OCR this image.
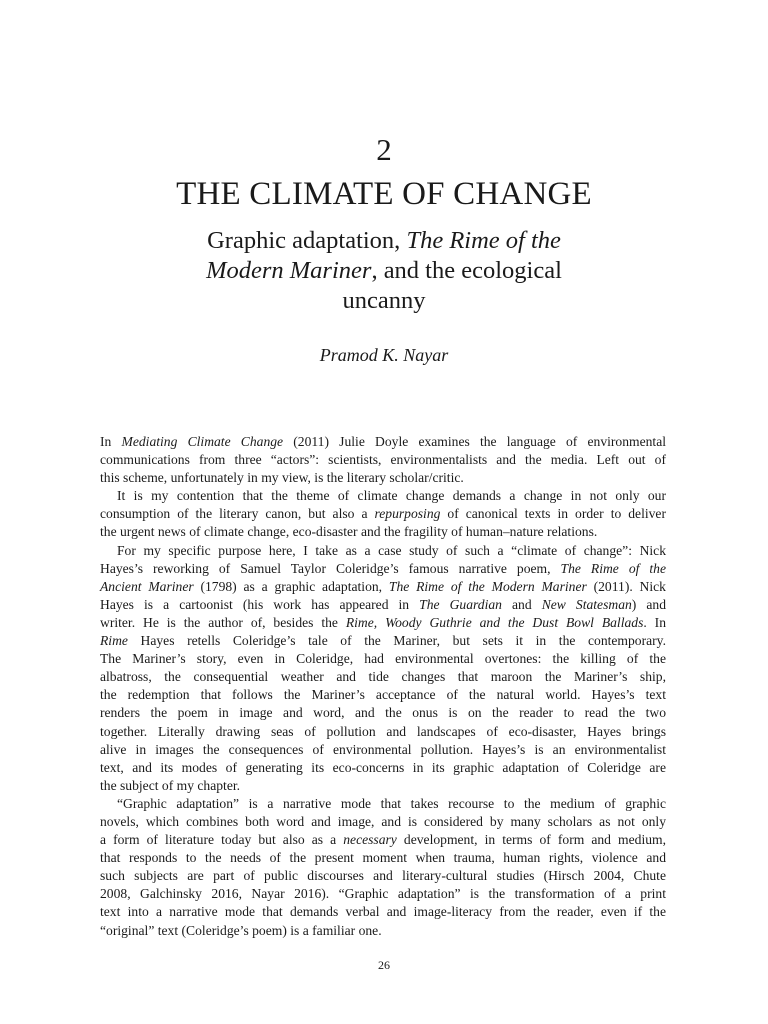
2
THE CLIMATE OF CHANGE
Graphic adaptation, The Rime of the
Modern Mariner, and the ecological
uncanny
Pramod K. Nayar

In Mediating Climate Change (2011) Julie Doyle examines the language of environmental
communications from three “actors”: scientists, environmentalists and the media. Left out of
this scheme, unfortunately in my view, is the literary scholar/critic.

It is my contention that the theme of climate change demands a change in not only our
consumption of the literary canon, but also a repurposing of canonical texts in order to deliver
the urgent news of climate change, eco-disaster and the fragility of human–nature relations.

For my specific purpose here, I take as a case study of such a “climate of change”: Nick
Hayes’s reworking of Samuel Taylor Coleridge’s famous narrative poem, The Rime of the
Ancient Mariner (1798) as a graphic adaptation, The Rime of the Modern Mariner (2011). Nick
Hayes is a cartoonist (his work has appeared in The Guardian and New Statesman) and
writer. He is the author of, besides the Rime, Woody Guthrie and the Dust Bowl Ballads. In
Rime Hayes retells Coleridge’s tale of the Mariner, but sets it in the contemporary.
The Mariner’s story, even in Coleridge, had environmental overtones: the killing of the
albatross, the consequential weather and tide changes that maroon the Mariner’s ship,
the redemption that follows the Mariner’s acceptance of the natural world. Hayes’s text
renders the poem in image and word, and the onus is on the reader to read the two
together. Literally drawing seas of pollution and landscapes of eco-disaster, Hayes brings
alive in images the consequences of environmental pollution. Hayes’s is an environmentalist
text, and its modes of generating its eco-concerns in its graphic adaptation of Coleridge are
the subject of my chapter.

“Graphic adaptation” is a narrative mode that takes recourse to the medium of graphic
novels, which combines both word and image, and is considered by many scholars as not only
a form of literature today but also as a necessary development, in terms of form and medium,
that responds to the needs of the present moment when trauma, human rights, violence and
such subjects are part of public discourses and literary-cultural studies (Hirsch 2004, Chute
2008, Galchinsky 2016, Nayar 2016). “Graphic adaptation” is the transformation of a print
text into a narrative mode that demands verbal and image-literacy from the reader, even if the
“original” text (Coleridge’s poem) is a familiar one.

26
